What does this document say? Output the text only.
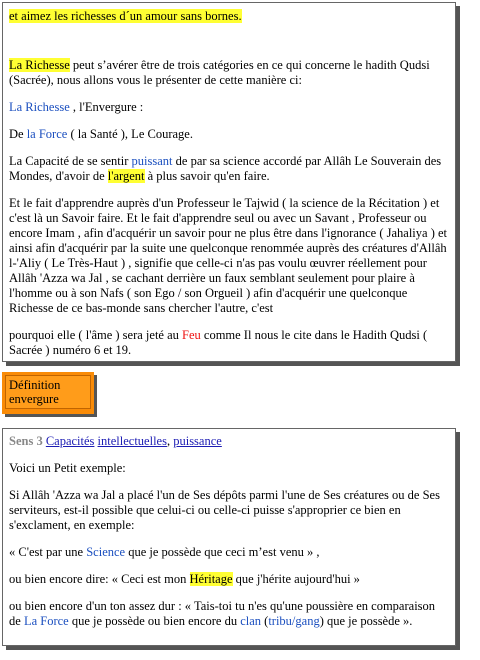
et aimez les richesses d´un amour sans bornes.

La Richesse peut s’avérer être de trois catégories en ce qui concerne le hadith Qudsi (Sacrée), nous allons vous le présenter de cette manière ci:

La Richesse , l'Envergure :

De la Force ( la Santé ), Le Courage.

La Capacité de se sentir puissant de par sa science accordé par Allâh Le Souverain des Mondes, d'avoir de l'argent à plus savoir qu'en faire.

Et le fait d'apprendre auprès d'un Professeur le Tajwid ( la science de la Récitation ) et c'est là un Savoir faire. Et le fait d'apprendre seul ou avec un Savant , Professeur ou encore Imam , afin d'acquérir un savoir pour ne plus être dans l'ignorance ( Jahaliya ) et ainsi afin d'acquérir par la suite une quelconque renommée auprès des créatures d'Allâh l-'Aliy ( Le Très-Haut ) , signifie que celle-ci n'as pas voulu œuvrer réellement pour Allâh 'Azza wa Jal , se cachant derrière un faux semblant seulement pour plaire à l'homme ou à son Nafs ( son Ego / son Orgueil ) afin d'acquérir une quelconque Richesse de ce bas-monde sans chercher l'autre, c'est

pourquoi elle ( l'âme ) sera jeté au Feu comme Il nous le cite dans le Hadith Qudsi ( Sacrée ) numéro 6 et 19.

Définition
envergure

Sens 3 Capacités intellectuelles, puissance

Voici un Petit exemple:

Si Allâh 'Azza wa Jal a placé l'un de Ses dépôts parmi l'une de Ses créatures ou de Ses serviteurs, est-il possible que celui-ci ou celle-ci puisse s'approprier ce bien en s'exclament, en exemple:

« C'est par une Science que je possède que ceci m’est venu » ,

ou bien encore dire: « Ceci est mon Héritage que j'hérite aujourd'hui »

ou bien encore d'un ton assez dur : « Tais-toi tu n'es qu'une poussière en comparaison de La Force que je possède ou bien encore du clan (tribu/gang) que je possède ».
